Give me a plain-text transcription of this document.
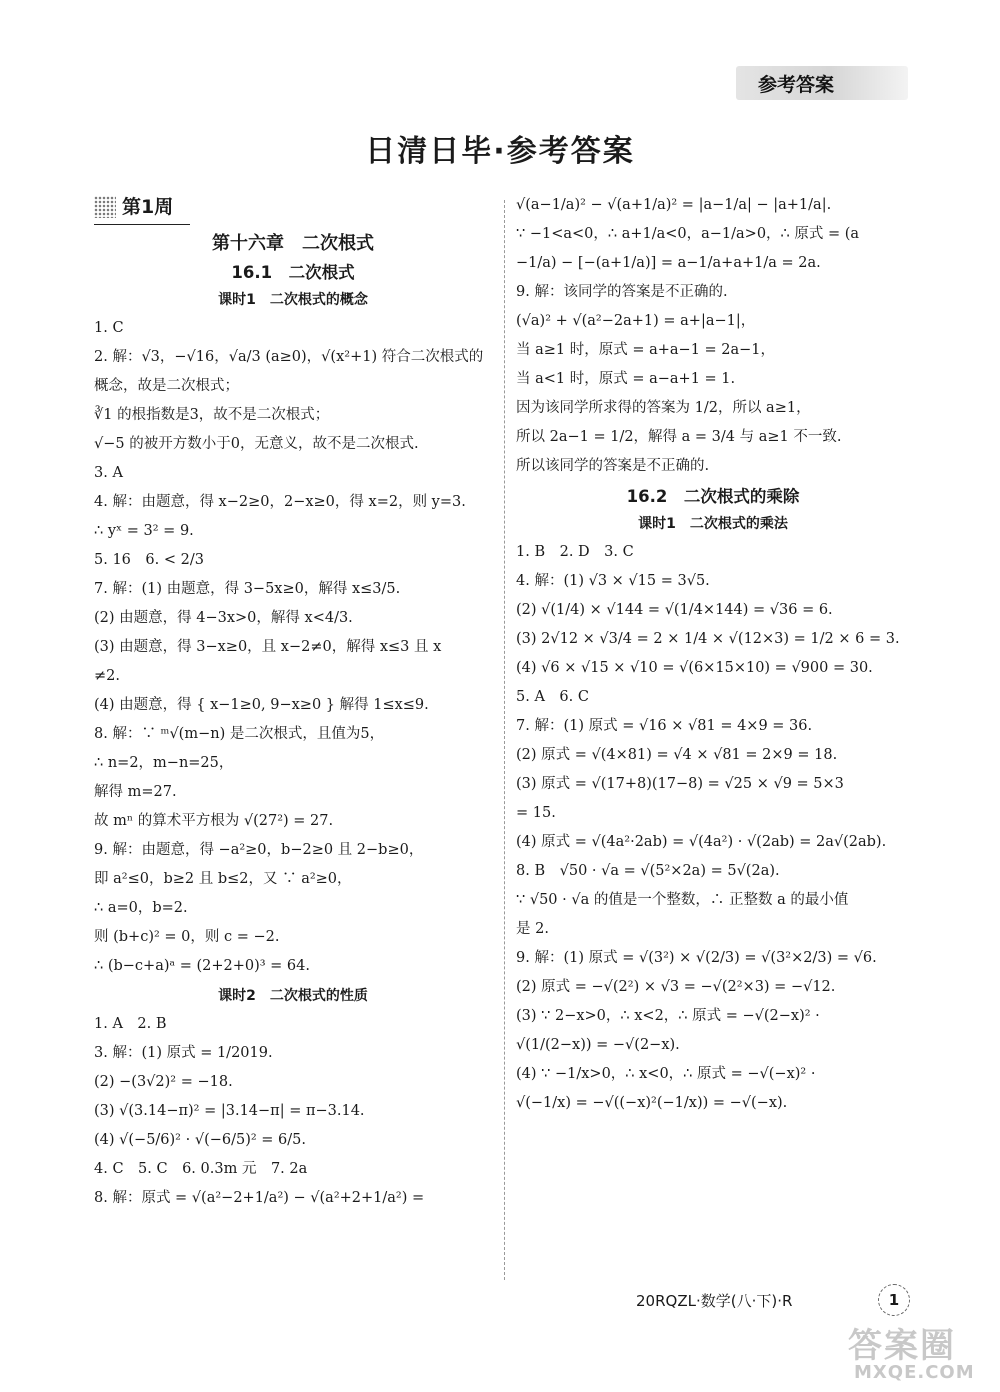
参考答案
日清日毕·参考答案
第1周
第十六章　二次根式
16.1　二次根式
课时1　二次根式的概念
1. C
2. 解：√3，−√16，√a/3 (a≥0)，√(x²+1) 符合二次根式的
概念，故是二次根式；
∛1 的根指数是3，故不是二次根式；
√−5 的被开方数小于0，无意义，故不是二次根式.
3. A
4. 解：由题意，得 x−2≥0，2−x≥0，得 x=2，则 y=3.
∴ yˣ = 3² = 9.
5. 16　6. < 2/3
7. 解：(1) 由题意，得 3−5x≥0，解得 x≤3/5.
(2) 由题意，得 4−3x>0，解得 x<4/3.
(3) 由题意，得 3−x≥0，且 x−2≠0，解得 x≤3 且 x
≠2.
(4) 由题意，得 { x−1≥0, 9−x≥0 } 解得 1≤x≤9.
8. 解：∵ ᵐ√(m−n) 是二次根式，且值为5，
∴ n=2，m−n=25，
解得 m=27.
故 mⁿ 的算术平方根为 √(27²) = 27.
9. 解：由题意，得 −a²≥0，b−2≥0 且 2−b≥0，
即 a²≤0，b≥2 且 b≤2，又 ∵ a²≥0，
∴ a=0，b=2.
则 (b+c)² = 0，则 c = −2.
∴ (b−c+a)ᵃ = (2+2+0)³ = 64.
课时2　二次根式的性质
1. A　2. B
3. 解：(1) 原式 = 1/2019.
(2) −(3√2)² = −18.
(3) √(3.14−π)² = |3.14−π| = π−3.14.
(4) √(−5/6)² · √(−6/5)² = 6/5.
4. C　5. C　6. 0.3m 元　7. 2a
8. 解：原式 = √(a²−2+1/a²) − √(a²+2+1/a²) =
√(a−1/a)² − √(a+1/a)² = |a−1/a| − |a+1/a|.
∵ −1<a<0，∴ a+1/a<0，a−1/a>0，∴ 原式 = (a
−1/a) − [−(a+1/a)] = a−1/a+a+1/a = 2a.
9. 解：该同学的答案是不正确的.
(√a)² + √(a²−2a+1) = a+|a−1|，
当 a≥1 时，原式 = a+a−1 = 2a−1，
当 a<1 时，原式 = a−a+1 = 1.
因为该同学所求得的答案为 1/2，所以 a≥1，
所以 2a−1 = 1/2，解得 a = 3/4 与 a≥1 不一致.
所以该同学的答案是不正确的.
16.2　二次根式的乘除
课时1　二次根式的乘法
1. B　2. D　3. C
4. 解：(1) √3 × √15 = 3√5.
(2) √(1/4) × √144 = √(1/4×144) = √36 = 6.
(3) 2√12 × √3/4 = 2 × 1/4 × √(12×3) = 1/2 × 6 = 3.
(4) √6 × √15 × √10 = √(6×15×10) = √900 = 30.
5. A　6. C
7. 解：(1) 原式 = √16 × √81 = 4×9 = 36.
(2) 原式 = √(4×81) = √4 × √81 = 2×9 = 18.
(3) 原式 = √(17+8)(17−8) = √25 × √9 = 5×3
= 15.
(4) 原式 = √(4a²·2ab) = √(4a²) · √(2ab) = 2a√(2ab).
8. B　√50 · √a = √(5²×2a) = 5√(2a).
∵ √50 · √a 的值是一个整数，∴ 正整数 a 的最小值
是 2.
9. 解：(1) 原式 = √(3²) × √(2/3) = √(3²×2/3) = √6.
(2) 原式 = −√(2²) × √3 = −√(2²×3) = −√12.
(3) ∵ 2−x>0，∴ x<2，∴ 原式 = −√(2−x)² ·
√(1/(2−x)) = −√(2−x).
(4) ∵ −1/x>0，∴ x<0，∴ 原式 = −√(−x)² ·
√(−1/x) = −√((−x)²(−1/x)) = −√(−x).
20RQZL·数学(八·下)·R	1
答案圈
MXQE.COM
